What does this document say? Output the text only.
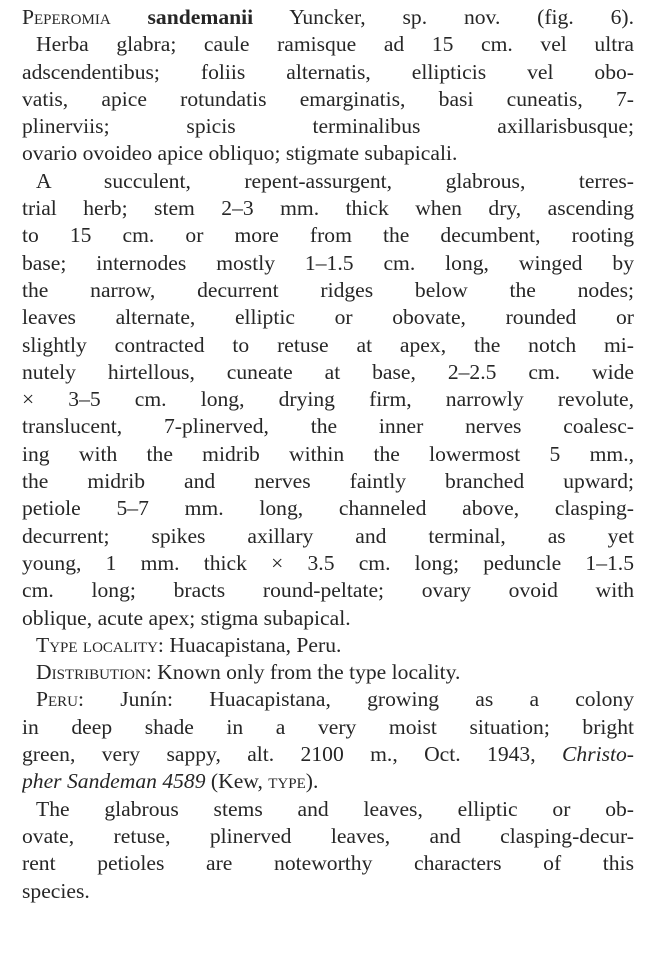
Peperomia sandemanii Yuncker, sp. nov. (fig. 6).
Herba glabra; caule ramisque ad 15 cm. vel ultra
adscendentibus; foliis alternatis, ellipticis vel obo-
vatis, apice rotundatis emarginatis, basi cuneatis, 7-
plinerviis; spicis terminalibus axillarisbusque;
ovario ovoideo apice obliquo; stigmate subapicali.
A succulent, repent-assurgent, glabrous, terres-
trial herb; stem 2–3 mm. thick when dry, ascending
to 15 cm. or more from the decumbent, rooting
base; internodes mostly 1–1.5 cm. long, winged by
the narrow, decurrent ridges below the nodes;
leaves alternate, elliptic or obovate, rounded or
slightly contracted to retuse at apex, the notch mi-
nutely hirtellous, cuneate at base, 2–2.5 cm. wide
× 3–5 cm. long, drying firm, narrowly revolute,
translucent, 7-plinerved, the inner nerves coalesc-
ing with the midrib within the lowermost 5 mm.,
the midrib and nerves faintly branched upward;
petiole 5–7 mm. long, channeled above, clasping-
decurrent; spikes axillary and terminal, as yet
young, 1 mm. thick × 3.5 cm. long; peduncle 1–1.5
cm. long; bracts round-peltate; ovary ovoid with
oblique, acute apex; stigma subapical.
Type locality: Huacapistana, Peru.
Distribution: Known only from the type locality.
Peru: Junín: Huacapistana, growing as a colony
in deep shade in a very moist situation; bright
green, very sappy, alt. 2100 m., Oct. 1943, Christo-
pher Sandeman 4589 (Kew, type).
The glabrous stems and leaves, elliptic or ob-
ovate, retuse, plinerved leaves, and clasping-decur-
rent petioles are noteworthy characters of this
species.
